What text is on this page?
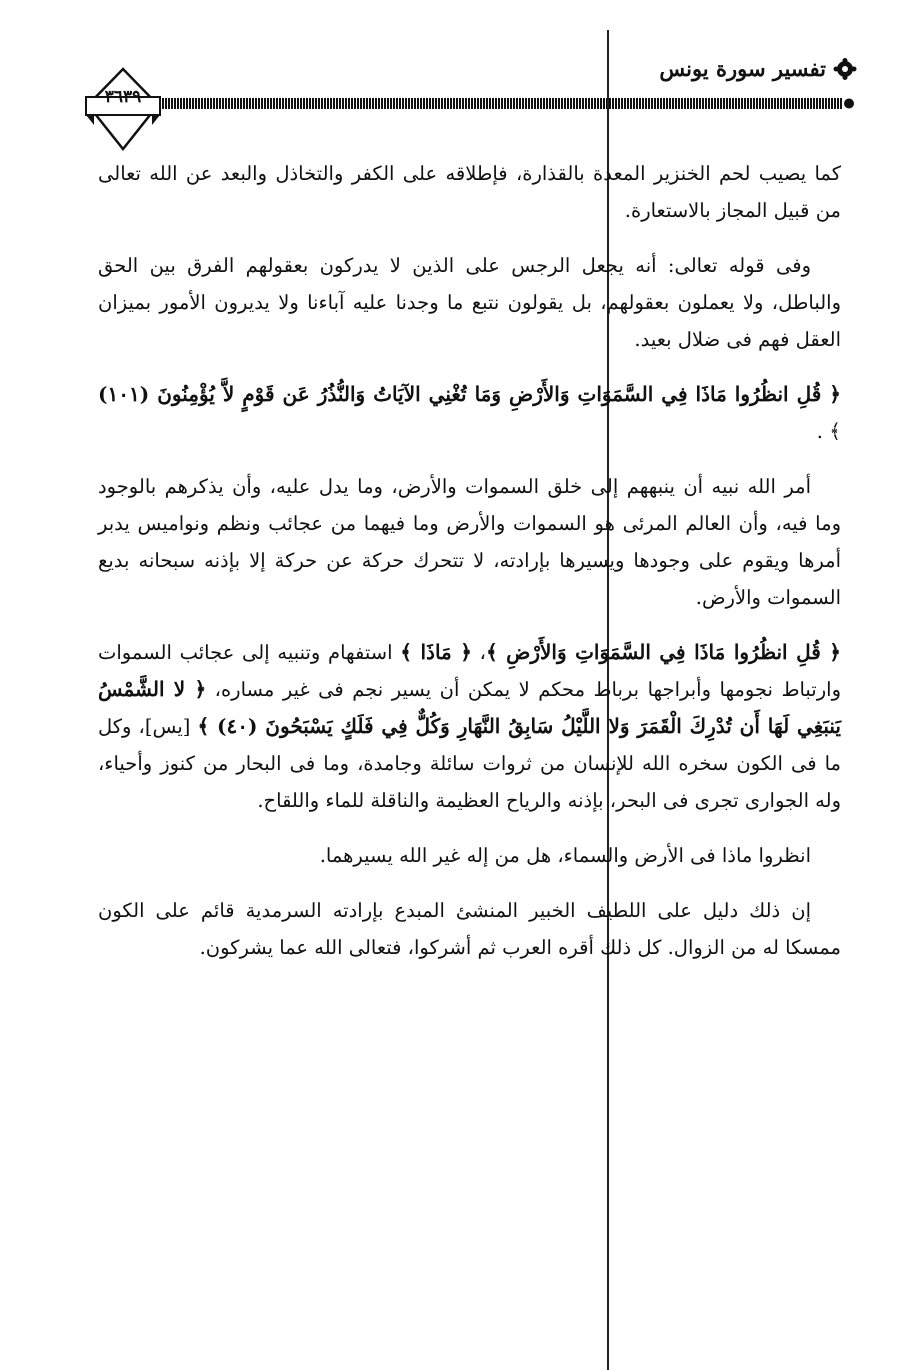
تفسير سورة يونس
٣٦٣٩

كما يصيب لحم الخنزير المعدة بالقذارة، فإطلاقه على الكفر والتخاذل والبعد عن الله تعالى من قبيل المجاز بالاستعارة.

وفى قوله تعالى: أنه يجعل الرجس على الذين لا يدركون بعقولهم الفرق بين الحق والباطل، ولا يعملون بعقولهم، بل يقولون نتبع ما وجدنا عليه آباءنا ولا يديرون الأمور بميزان العقل فهم فى ضلال بعيد.

﴿ قُلِ انظُرُوا مَاذَا فِي السَّمَوَاتِ وَالأَرْضِ وَمَا تُغْنِي الآيَاتُ وَالنُّذُرُ عَن قَوْمٍ لاَّ يُؤْمِنُونَ (١٠١) ﴾ .

أمر الله نبيه أن ينبههم إلى خلق السموات والأرض، وما يدل عليه، وأن يذكرهم بالوجود وما فيه، وأن العالم المرئى هو السموات والأرض وما فيهما من عجائب ونظم ونواميس يدبر أمرها ويقوم على وجودها ويسيرها بإرادته، لا تتحرك حركة عن حركة إلا بإذنه سبحانه بديع السموات والأرض.

﴿ قُلِ انظُرُوا مَاذَا فِي السَّمَوَاتِ وَالأَرْضِ ﴾، ﴿ مَاذَا ﴾ استفهام وتنبيه إلى عجائب السموات وارتباط نجومها وأبراجها برباط محكم لا يمكن أن يسير نجم فى غير مساره، ﴿ لا الشَّمْسُ يَنبَغِي لَهَا أَن تُدْرِكَ الْقَمَرَ وَلا اللَّيْلُ سَابِقُ النَّهَارِ وَكُلٌّ فِي فَلَكٍ يَسْبَحُونَ (٤٠) ﴾ [يس]، وكل ما فى الكون سخره الله للإنسان من ثروات سائلة وجامدة، وما فى البحار من كنوز وأحياء، وله الجوارى تجرى فى البحر، بإذنه والرياح العظيمة والناقلة للماء واللقاح.

انظروا ماذا فى الأرض والسماء، هل من إله غير الله يسيرهما.

إن ذلك دليل على اللطيف الخبير المنشئ المبدع بإرادته السرمدية قائم على الكون ممسكا له من الزوال. كل ذلك أقره العرب ثم أشركوا، فتعالى الله عما يشركون.
